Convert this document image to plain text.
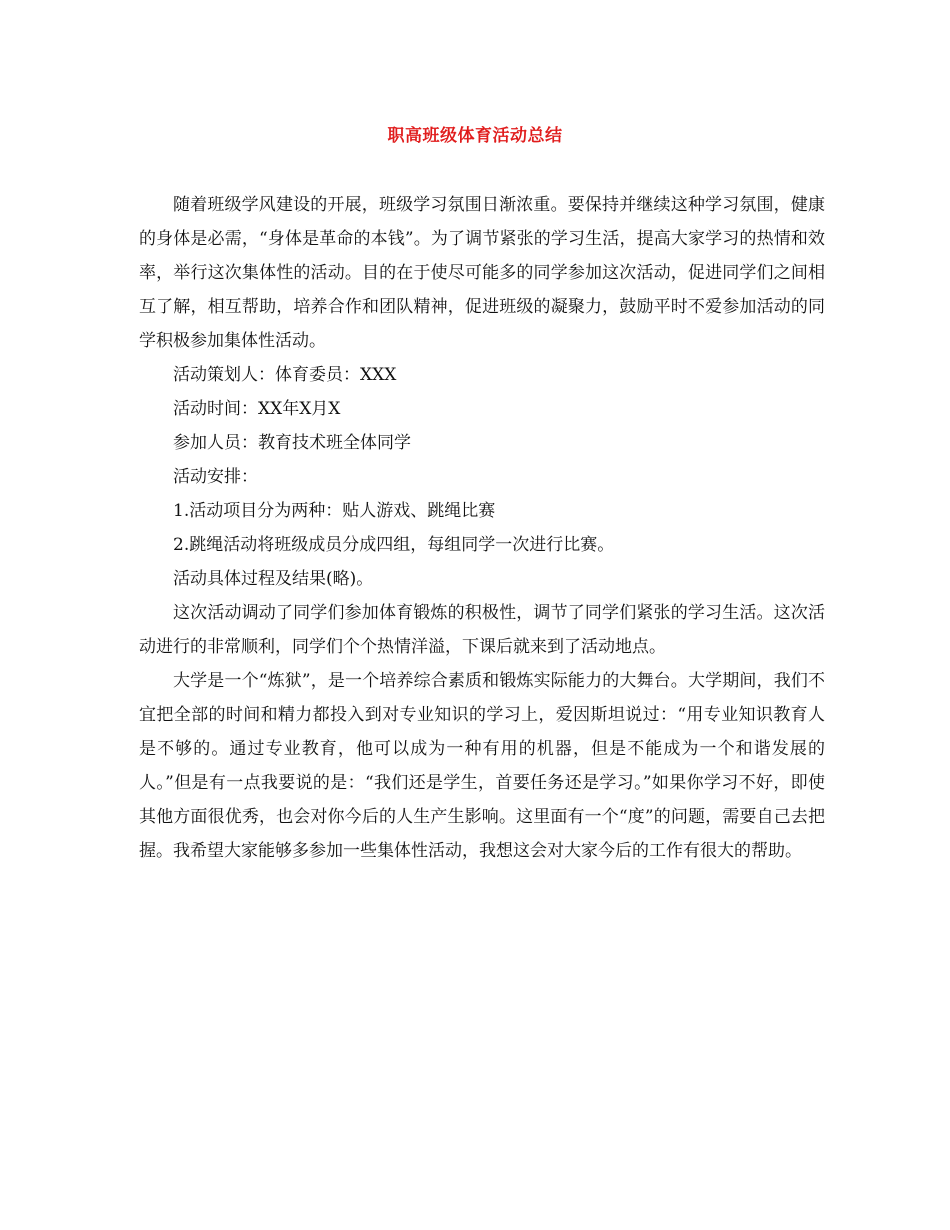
职高班级体育活动总结

随着班级学风建设的开展，班级学习氛围日渐浓重。要保持并继续这种学习氛围，健康的身体是必需，“身体是革命的本钱”。为了调节紧张的学习生活，提高大家学习的热情和效率，举行这次集体性的活动。目的在于使尽可能多的同学参加这次活动，促进同学们之间相互了解，相互帮助，培养合作和团队精神，促进班级的凝聚力，鼓励平时不爱参加活动的同学积极参加集体性活动。

活动策划人：体育委员：XXX

活动时间：XX年X月X

参加人员：教育技术班全体同学

活动安排：

1.活动项目分为两种：贴人游戏、跳绳比赛

2.跳绳活动将班级成员分成四组，每组同学一次进行比赛。

活动具体过程及结果(略)。

这次活动调动了同学们参加体育锻炼的积极性，调节了同学们紧张的学习生活。这次活动进行的非常顺利，同学们个个热情洋溢，下课后就来到了活动地点。

大学是一个“炼狱”，是一个培养综合素质和锻炼实际能力的大舞台。大学期间，我们不宜把全部的时间和精力都投入到对专业知识的学习上，爱因斯坦说过：“用专业知识教育人是不够的。通过专业教育，他可以成为一种有用的机器，但是不能成为一个和谐发展的人。”但是有一点我要说的是：“我们还是学生，首要任务还是学习。”如果你学习不好，即使其他方面很优秀，也会对你今后的人生产生影响。这里面有一个“度”的问题，需要自己去把握。我希望大家能够多参加一些集体性活动，我想这会对大家今后的工作有很大的帮助。
